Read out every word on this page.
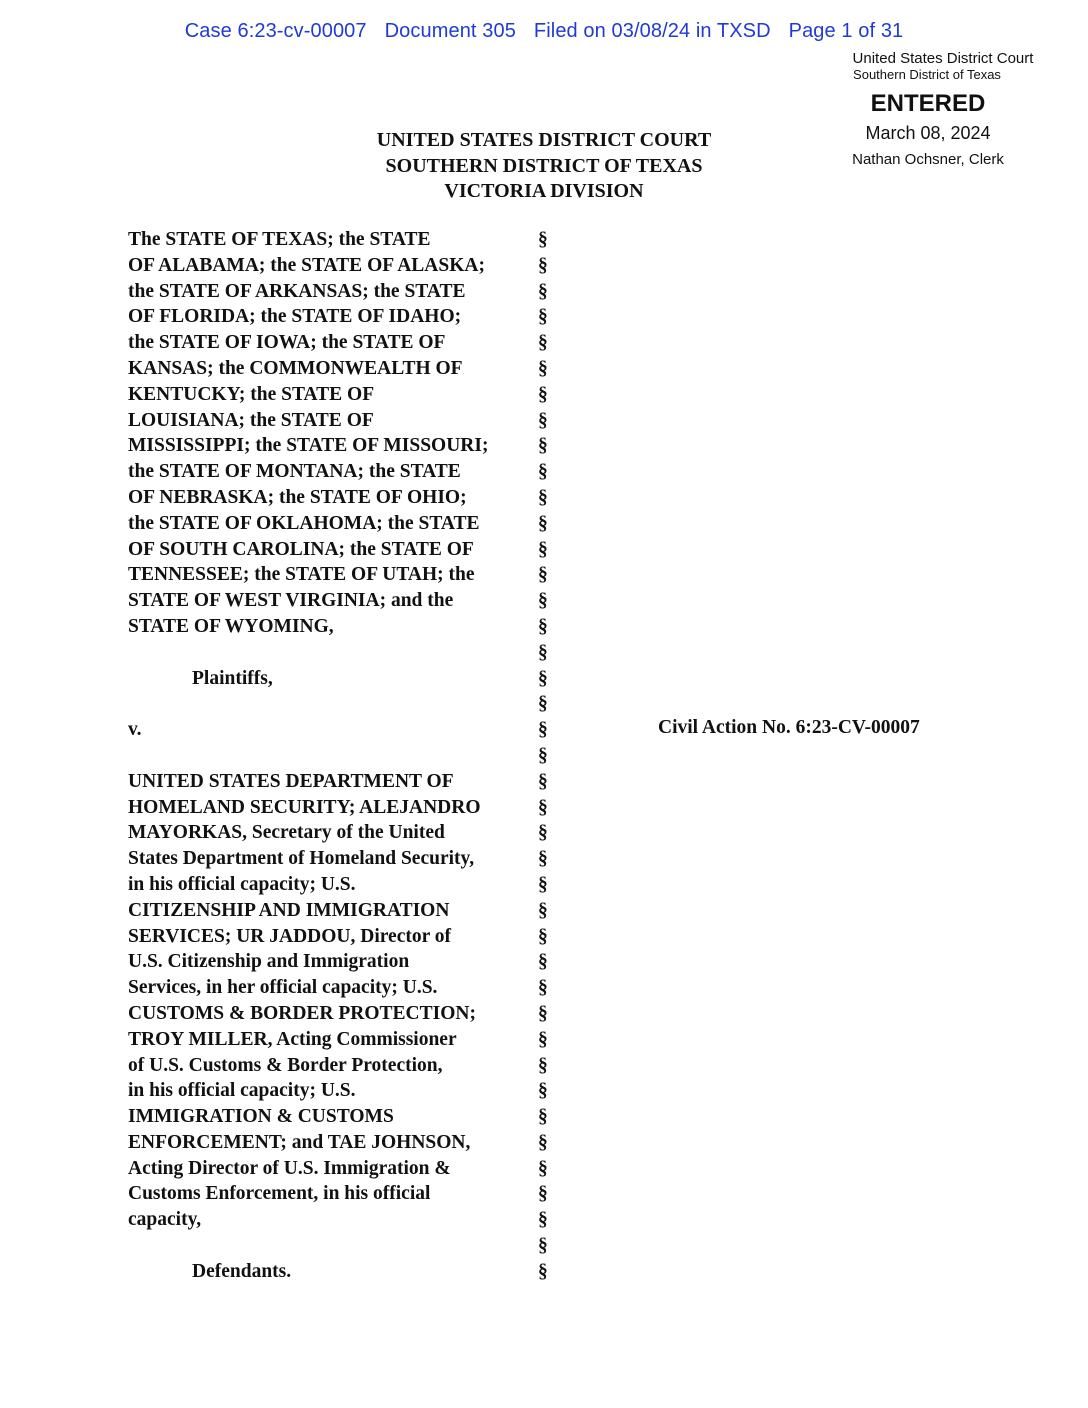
Case 6:23-cv-00007 Document 305 Filed on 03/08/24 in TXSD Page 1 of 31
United States District Court
Southern District of Texas
ENTERED
March 08, 2024
Nathan Ochsner, Clerk
UNITED STATES DISTRICT COURT
SOUTHERN DISTRICT OF TEXAS
VICTORIA DIVISION
The STATE OF TEXAS; the STATE	§
OF ALABAMA; the STATE OF ALASKA;	§
the STATE OF ARKANSAS; the STATE	§
OF FLORIDA; the STATE OF IDAHO;	§
the STATE OF IOWA; the STATE OF	§
KANSAS; the COMMONWEALTH OF	§
KENTUCKY; the STATE OF	§
LOUISIANA; the STATE OF	§
MISSISSIPPI; the STATE OF MISSOURI;	§
the STATE OF MONTANA; the STATE	§
OF NEBRASKA; the STATE OF OHIO;	§
the STATE OF OKLAHOMA; the STATE	§
OF SOUTH CAROLINA; the STATE OF	§
TENNESSEE; the STATE OF UTAH; the	§
STATE OF WEST VIRGINIA; and the	§
STATE OF WYOMING,	§
§
Plaintiffs,	§
§
v.	§
§
UNITED STATES DEPARTMENT OF	§
HOMELAND SECURITY; ALEJANDRO	§
MAYORKAS, Secretary of the United	§
States Department of Homeland Security,	§
in his official capacity; U.S.	§
CITIZENSHIP AND IMMIGRATION	§
SERVICES; UR JADDOU, Director of	§
U.S. Citizenship and Immigration	§
Services, in her official capacity; U.S.	§
CUSTOMS & BORDER PROTECTION;	§
TROY MILLER, Acting Commissioner	§
of U.S. Customs & Border Protection,	§
in his official capacity; U.S.	§
IMMIGRATION & CUSTOMS	§
ENFORCEMENT; and TAE JOHNSON,	§
Acting Director of U.S. Immigration &	§
Customs Enforcement, in his official	§
capacity,	§
§
Defendants.	§
Civil Action No. 6:23-CV-00007
